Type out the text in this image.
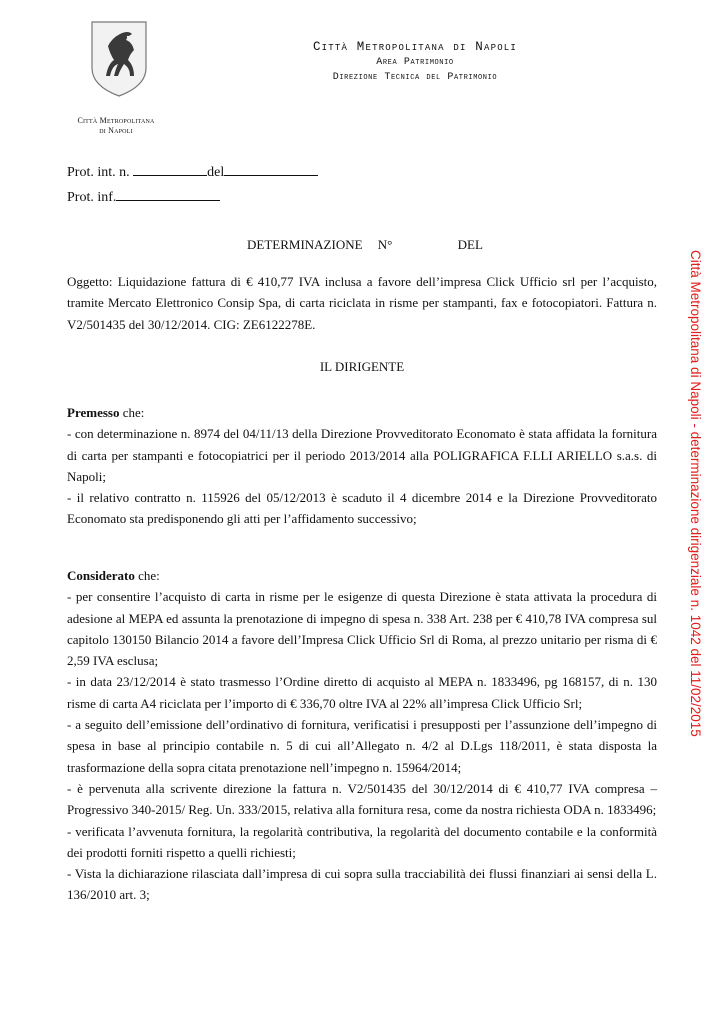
Città Metropolitana
di Napoli
Città Metropolitana di Napoli
Area Patrimonio
Direzione Tecnica del Patrimonio
Prot. int. n.	del
Prot. inf.
DETERMINAZIONE N°	DEL

Oggetto: Liquidazione fattura di € 410,77 IVA inclusa a favore dell’impresa Click Ufficio srl per l’acquisto, tramite Mercato Elettronico Consip Spa, di carta riciclata in risme per stampanti, fax e fotocopiatori. Fattura n. V2/501435 del 30/12/2014. CIG: ZE6122278E.

IL DIRIGENTE

Premesso che:

- con determinazione n. 8974 del 04/11/13 della Direzione Provveditorato Economato è stata affidata la fornitura di carta per stampanti e fotocopiatrici per il periodo 2013/2014 alla POLIGRAFICA F.LLI ARIELLO s.a.s. di Napoli;

- il relativo contratto n. 115926 del 05/12/2013 è scaduto il 4 dicembre 2014 e la Direzione Provveditorato Economato sta predisponendo gli atti per l’affidamento successivo;

Considerato che:

- per consentire l’acquisto di carta in risme per le esigenze di questa Direzione è stata attivata la procedura di adesione al MEPA ed assunta la prenotazione di impegno di spesa n. 338 Art. 238 per € 410,78 IVA compresa sul capitolo 130150 Bilancio 2014 a favore dell’Impresa Click Ufficio Srl di Roma, al prezzo unitario per risma di € 2,59 IVA esclusa;

- in data 23/12/2014 è stato trasmesso l’Ordine diretto di acquisto al MEPA n. 1833496, pg 168157, di n. 130 risme di carta A4 riciclata per l’importo di € 336,70 oltre IVA al 22% all’impresa Click Ufficio Srl;

- a seguito dell’emissione dell’ordinativo di fornitura, verificatisi i presupposti per l’assunzione dell’impegno di spesa in base al principio contabile n. 5 di cui all’Allegato n. 4/2 al D.Lgs 118/2011, è stata disposta la trasformazione della sopra citata prenotazione nell’impegno n. 15964/2014;

- è pervenuta alla scrivente direzione la fattura n. V2/501435 del 30/12/2014 di € 410,77 IVA compresa – Progressivo 340-2015/ Reg. Un. 333/2015, relativa alla fornitura resa, come da nostra richiesta ODA n. 1833496;

- verificata l’avvenuta fornitura, la regolarità contributiva, la regolarità del documento contabile e la conformità dei prodotti forniti rispetto a quelli richiesti;

- Vista la dichiarazione rilasciata dall’impresa di cui sopra sulla tracciabilità dei flussi finanziari ai sensi della L. 136/2010 art. 3;

Città Metropolitana di Napoli - determinazione dirigenziale n. 1042 del 11/02/2015
